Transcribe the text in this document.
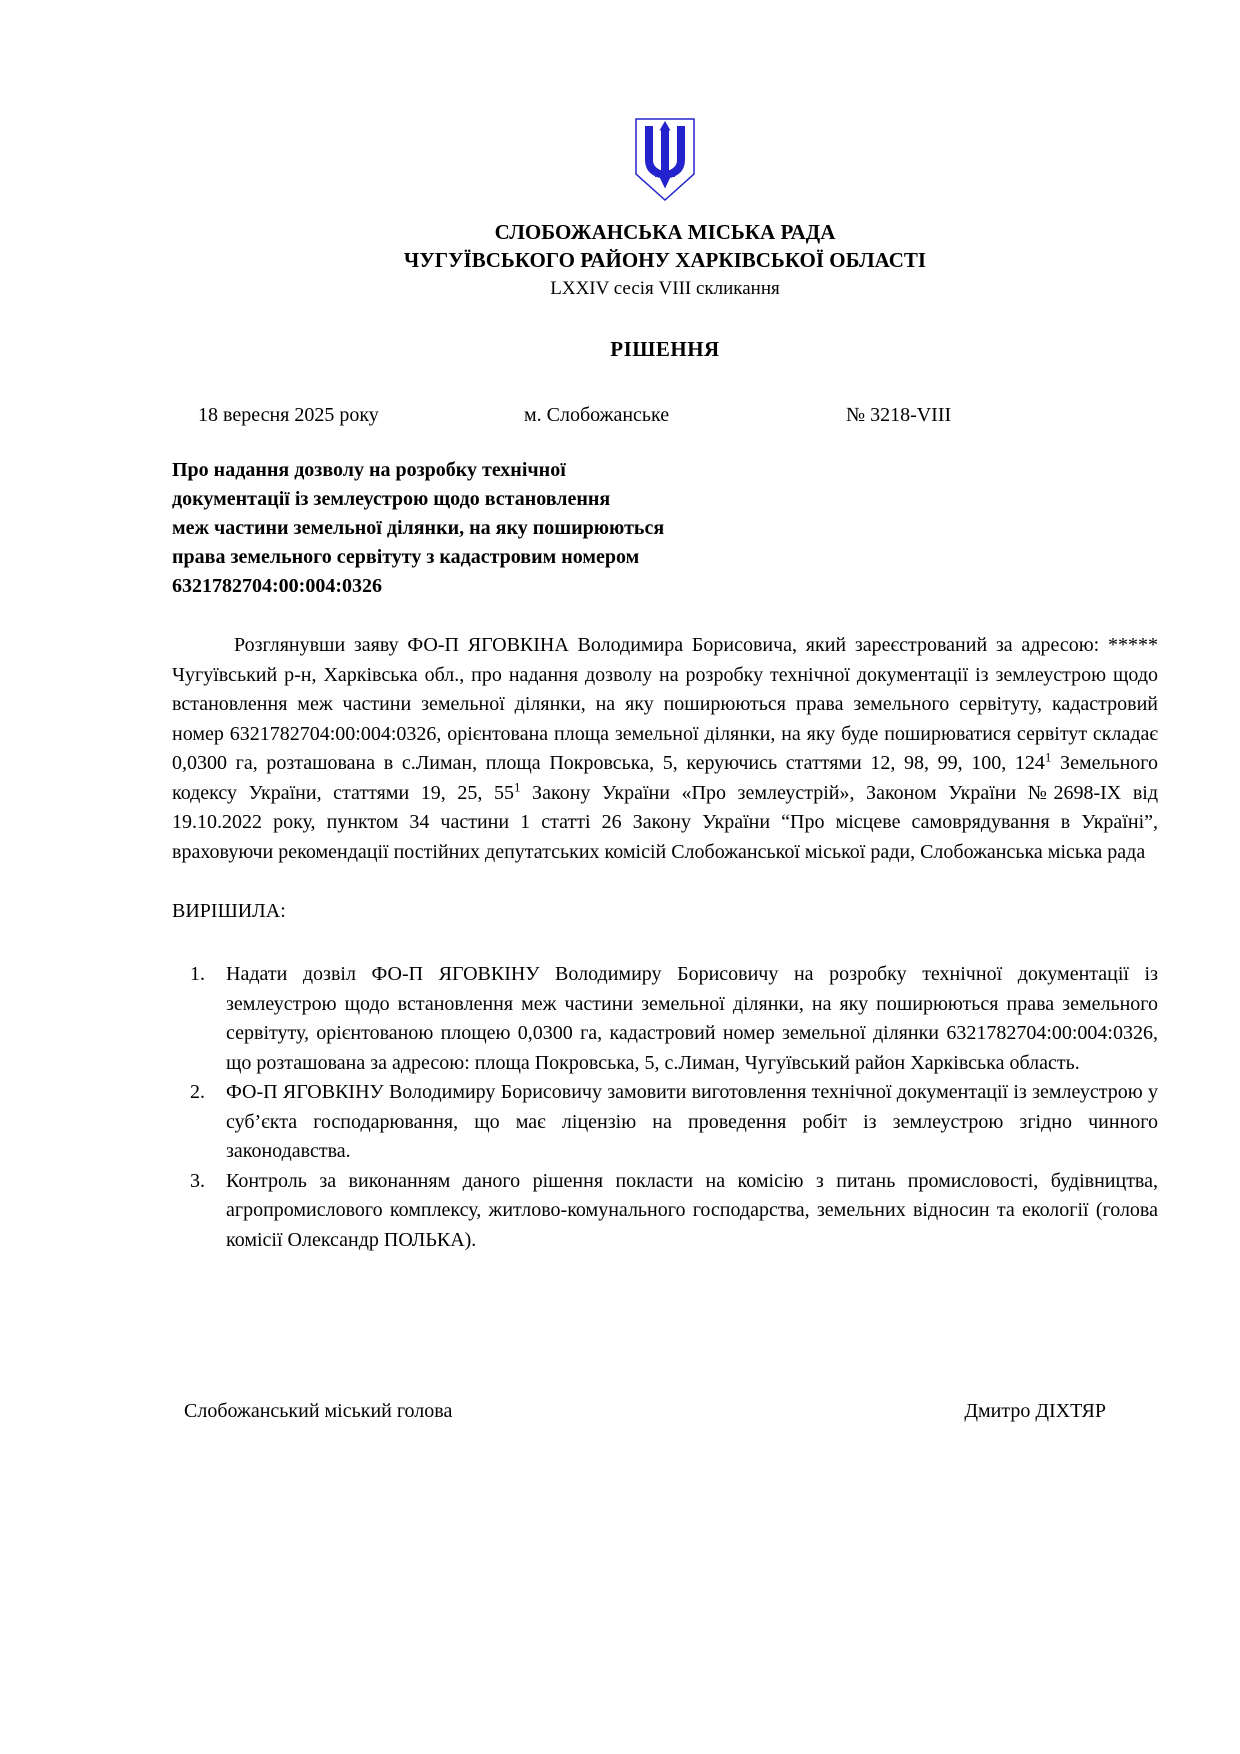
СЛОБОЖАНСЬКА МІСЬКА РАДА
ЧУГУЇВСЬКОГО РАЙОНУ ХАРКІВСЬКОЇ ОБЛАСТІ
LXXIV сесія VIII скликання
РІШЕННЯ
18 вересня 2025 року	м. Слобожанське	№ 3218-VIII
Про надання дозволу на розробку технічної
документації із землеустрою щодо встановлення
меж частини земельної ділянки, на яку поширюються
права земельного сервітуту з кадастровим номером
6321782704:00:004:0326

Розглянувши заяву ФО-П ЯГОВКІНА Володимира Борисовича, який зареєстрований за адресою: ***** Чугуївський р-н, Харківська обл., про надання дозволу на розробку технічної документації із землеустрою щодо встановлення меж частини земельної ділянки, на яку поширюються права земельного сервітуту, кадастровий номер 6321782704:00:004:0326, орієнтована площа земельної ділянки, на яку буде поширюватися сервітут складає 0,0300 га, розташована в с.Лиман, площа Покровська, 5, керуючись статтями 12, 98, 99, 100, $124^1$ Земельного кодексу України, статтями 19, 25, $55^1$ Закону України «Про землеустрій», Законом України №2698-IX від 19.10.2022 року, пунктом 34 частини 1 статті 26 Закону України “Про місцеве самоврядування в Україні”, враховуючи рекомендації постійних депутатських комісій Слобожанської міської ради, Слобожанська міська рада

ВИРІШИЛА:
1. Надати дозвіл ФО-П ЯГОВКІНУ Володимиру Борисовичу на розробку технічної документації із землеустрою щодо встановлення меж частини земельної ділянки, на яку поширюються права земельного сервітуту, орієнтованою площею 0,0300 га, кадастровий номер земельної ділянки 6321782704:00:004:0326, що розташована за адресою: площа Покровська, 5, с.Лиман, Чугуївський район Харківська область.
2. ФО-П ЯГОВКІНУ Володимиру Борисовичу замовити виготовлення технічної документації із землеустрою у суб’єкта господарювання, що має ліцензію на проведення робіт із землеустрою згідно чинного законодавства.
3. Контроль за виконанням даного рішення покласти на комісію з питань промисловості, будівництва, агропромислового комплексу, житлово-комунального господарства, земельних відносин та екології (голова комісії Олександр ПОЛЬКА).
Слобожанський міський голова	Дмитро ДІХТЯР
